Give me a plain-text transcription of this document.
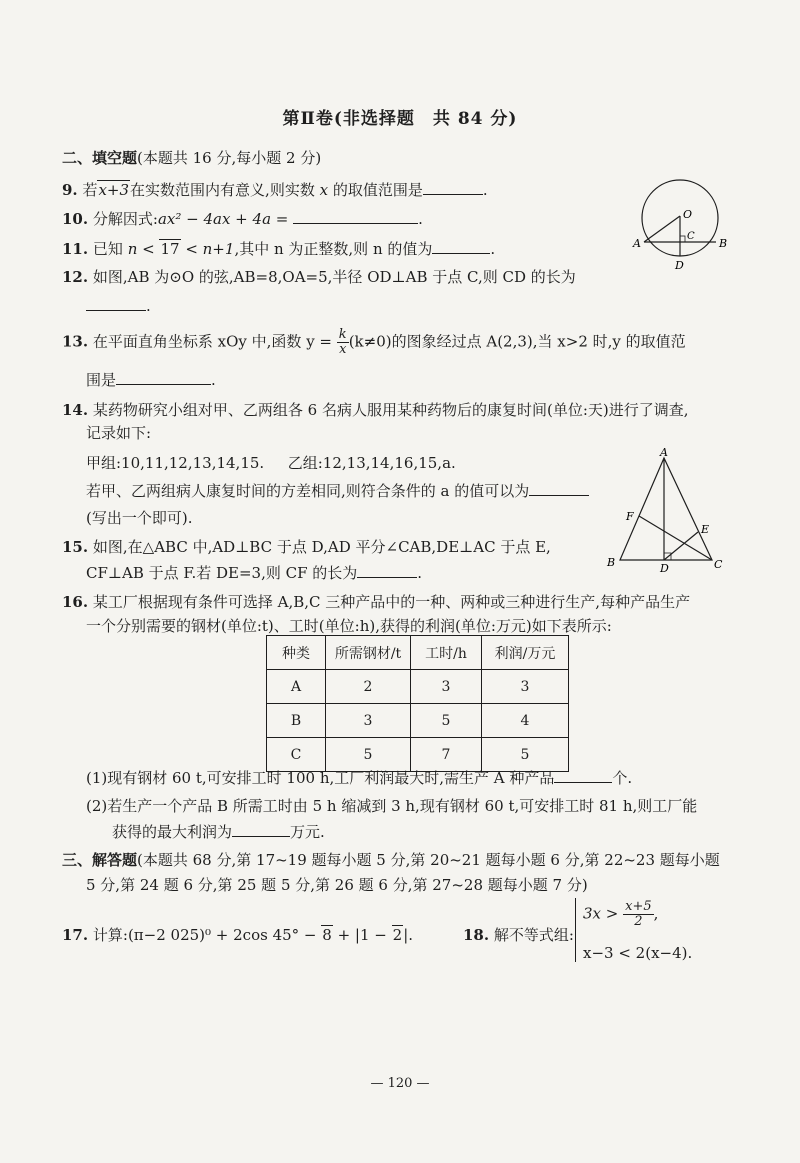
第Ⅱ卷(非选择题　共 84 分)
二、填空题(本题共 16 分,每小题 2 分)
9. 若x+3在实数范围内有意义,则实数 x 的取值范围是	.
10. 分解因式:ax² − 4ax + 4a =	.
11. 已知 n < 17 < n+1,其中 n 为正整数,则 n 的值为	.
12. 如图,AB 为⊙O 的弦,AB=8,OA=5,半径 OD⊥AB 于点 C,则 CD 的长为
.
O
C
A	B
D
13. 在平面直角坐标系 xOy 中,函数 $y = \frac{k}{x} (k\ne 0)$的图象经过点 A(2,3),当 x>2 时,y 的取值范
围是	.
14. 某药物研究小组对甲、乙两组各 6 名病人服用某种药物后的康复时间(单位:天)进行了调查,
记录如下:
甲组:10,11,12,13,14,15. 乙组:12,13,14,16,15,a.
若甲、乙两组病人康复时间的方差相同,则符合条件的 a 的值可以为
(写出一个即可).
A
F
E
B	D	C
15. 如图,在△ABC 中,AD⊥BC 于点 D,AD 平分∠CAB,DE⊥AC 于点 E,
CF⊥AB 于点 F.若 DE=3,则 CF 的长为	.
16. 某工厂根据现有条件可选择 A,B,C 三种产品中的一种、两种或三种进行生产,每种产品生产
一个分别需要的钢材(单位:t)、工时(单位:h),获得的利润(单位:万元)如下表所示:
种类	所需钢材/t	工时/h	利润/万元
A	2	3	3
B	3	5	4
C	5	7	5
(1)现有钢材 60 t,可安排工时 100 h,工厂利润最大时,需生产 A 种产品	个.
(2)若生产一个产品 B 所需工时由 5 h 缩减到 3 h,现有钢材 60 t,可安排工时 81 h,则工厂能
获得的最大利润为	万元.
三、解答题(本题共 68 分,第 17~19 题每小题 5 分,第 20~21 题每小题 6 分,第 22~23 题每小题
5 分,第 24 题 6 分,第 25 题 5 分,第 26 题 6 分,第 27~28 题每小题 7 分)
17. 计算:(π−2 025)⁰ + 2cos 45° − 8 + |1 − 2|.	18. 解不等式组:
$3x > \frac{x+5}{2}$ ,
x−3 < 2(x−4).
— 120 —
